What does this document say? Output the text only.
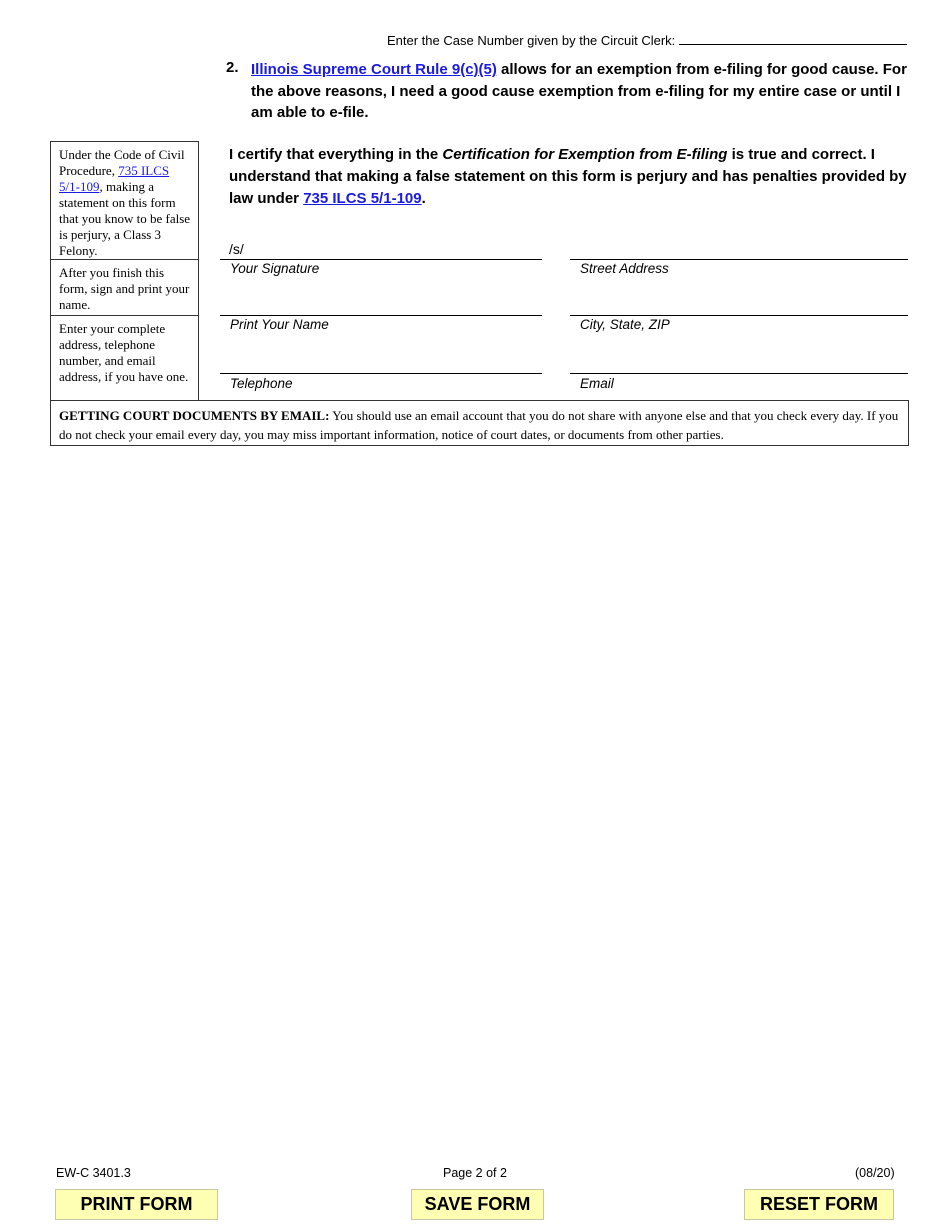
Enter the Case Number given by the Circuit Clerk:
2. Illinois Supreme Court Rule 9(c)(5) allows for an exemption from e-filing for good cause. For the above reasons, I need a good cause exemption from e-filing for my entire case or until I am able to e-file.
Under the Code of Civil Procedure, 735 ILCS 5/1-109, making a statement on this form that you know to be false is perjury, a Class 3 Felony.
After you finish this form, sign and print your name.
Enter your complete address, telephone number, and email address, if you have one.
I certify that everything in the Certification for Exemption from E-filing is true and correct. I understand that making a false statement on this form is perjury and has penalties provided by law under 735 ILCS 5/1-109.
/s/
Your Signature	Street Address
Print Your Name	City, State, ZIP
Telephone	Email
GETTING COURT DOCUMENTS BY EMAIL: You should use an email account that you do not share with anyone else and that you check every day. If you do not check your email every day, you may miss important information, notice of court dates, or documents from other parties.
EW-C 3401.3	Page 2 of 2	(08/20)
PRINT FORM	SAVE FORM	RESET FORM
